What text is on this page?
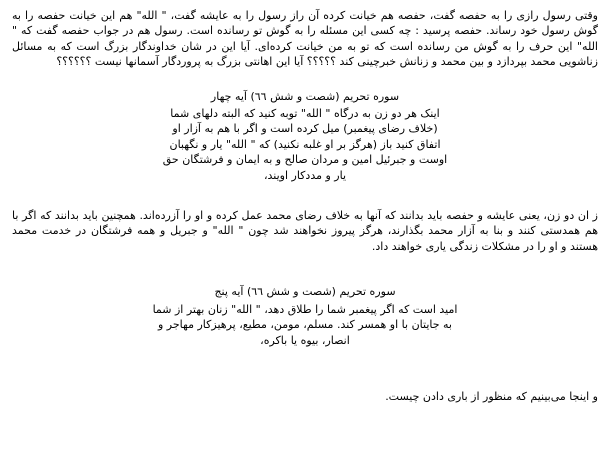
وقتی رسول رازی را به حفصه گفت، حفصه هم خیانت کرده آن راز رسول را به عایشه گفت، " اللە" هم این خیانت حفصه را به گوش رسول خود رساند. حفصه پرسید : چه کسی این مسئله را به گوش تو رسانده است. رسول هم در جواب حفصه گفت که " اللە" این حرف را به گوش من رسانده است که تو به من خیانت کرده‌ای. آیا این در شان خداوندگار بزرگ است که به مسائل زناشویی محمد بپردازد و بین محمد و زنانش خبرچینی کند ؟؟؟؟؟ آیا این اهانتی بزرگ به پروردگار آسمانها نیست ؟؟؟؟؟؟

سوره تحریم (شصت و شش ٦٦) آیه چهار
اینک هر دو زن به درگاه " اللە" توبه کنید که البته دلهای شما
(خلاف رضای پیغمبر) میل کرده است و اگر با هم به آزار او
اتفاق کنید باز (هرگز بر او غلبه نکنید) که " اللە" یار و نگهبان
اوست و جبرئیل امین و مردان صالح و به ایمان و فرشتگان حق
یار و مددکار اویند،

ز ان دو زن، یعنی عایشه و حفصه باید بدانند که آنها به خلاف رضای محمد عمل کرده و او را آزردەاند. همچنین باید بدانند که اگر با هم همدستی کنند و بنا به آزار محمد بگذارند، هرگز پیروز نخواهند شد چون " اللە" و جبریل و همه فرشتگان در خدمت محمد هستند و او را در مشکلات زندگی یاری خواهند داد.

سوره تحریم (شصت و شش ٦٦) آیه پنج
امید است که اگر پیغمبر شما را طلاق دهد، " اللە" زنان بهتر از شما
به جایتان با او همسر کند. مسلم، مومن، مطیع، پرهیزکار مهاجر و
انصار، بیوه یا باکره،

و اینجا می‌بینیم که منظور از باری دادن چیست.
